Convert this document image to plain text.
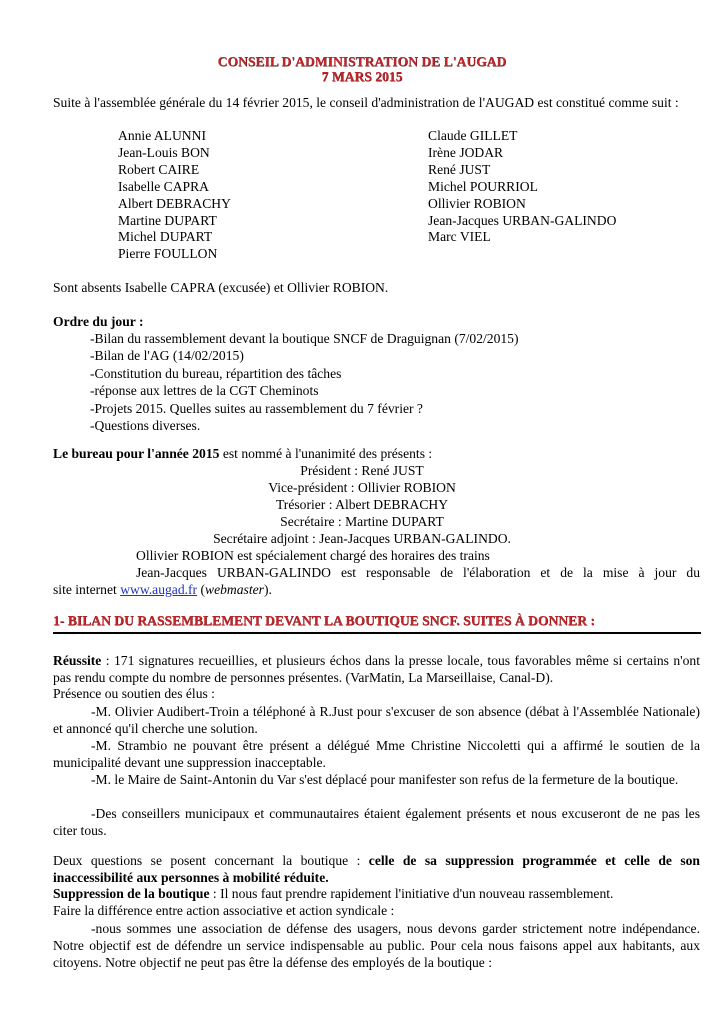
CONSEIL D'ADMINISTRATION DE L'AUGAD
7 MARS 2015
Suite à l'assemblée générale du 14 février 2015, le conseil d'administration de l'AUGAD est constitué comme suit :
Annie ALUNNI
Jean-Louis BON
Robert CAIRE
Isabelle CAPRA
Albert DEBRACHY
Martine DUPART
Michel DUPART
Pierre FOULLON
Claude GILLET
Irène JODAR
René JUST
Michel POURRIOL
Ollivier ROBION
Jean-Jacques URBAN-GALINDO
Marc VIEL
Sont absents Isabelle CAPRA (excusée) et Ollivier ROBION.
Ordre du jour :
-Bilan du rassemblement devant la boutique SNCF de Draguignan (7/02/2015)
-Bilan de l'AG (14/02/2015)
-Constitution du bureau, répartition des tâches
-réponse aux lettres de la CGT Cheminots
-Projets 2015. Quelles suites au rassemblement du 7 février ?
-Questions diverses.
Le bureau pour l'année 2015 est nommé à l'unanimité des présents :
Président : René JUST
Vice-président : Ollivier ROBION
Trésorier : Albert DEBRACHY
Secrétaire : Martine DUPART
Secrétaire adjoint : Jean-Jacques URBAN-GALINDO.
Ollivier ROBION est spécialement chargé des horaires des trains
Jean-Jacques URBAN-GALINDO est responsable de l'élaboration et de la mise à jour du
site internet www.augad.fr (webmaster).
1- BILAN DU RASSEMBLEMENT DEVANT LA BOUTIQUE SNCF. SUITES À DONNER :
Réussite : 171 signatures recueillies, et plusieurs échos dans la presse locale, tous favorables même si certains n'ont pas rendu compte du nombre de personnes présentes. (VarMatin, La Marseillaise, Canal-D).
Présence ou soutien des élus :
-M. Olivier Audibert-Troin a téléphoné à R.Just pour s'excuser de son absence (débat à l'Assemblée Nationale) et annoncé qu'il cherche une solution.
-M. Strambio ne pouvant être présent a délégué Mme Christine Niccoletti qui a affirmé le soutien de la municipalité devant une suppression inacceptable.
-M. le Maire de Saint-Antonin du Var s'est déplacé pour manifester son refus de la fermeture de la boutique.
-Des conseillers municipaux et communautaires étaient également présents et nous excuseront de ne pas les citer tous.
Deux questions se posent concernant la boutique : celle de sa suppression programmée et celle de son inaccessibilité aux personnes à mobilité réduite.
Suppression de la boutique : Il nous faut prendre rapidement l'initiative d'un nouveau rassemblement.
Faire la différence entre action associative et action syndicale :
-nous sommes une association de défense des usagers, nous devons garder strictement notre indépendance. Notre objectif est de défendre un service indispensable au public. Pour cela nous faisons appel aux habitants, aux citoyens. Notre objectif ne peut pas être la défense des employés de la boutique :
